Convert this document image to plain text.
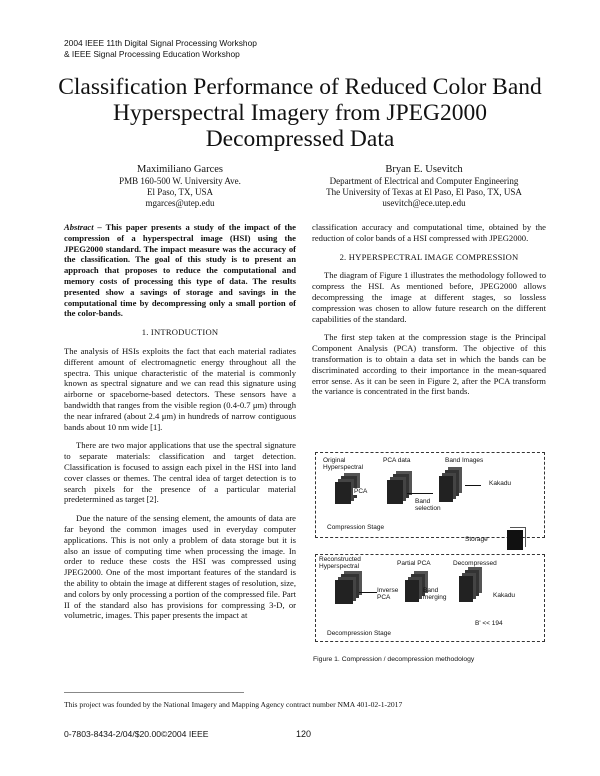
2004 IEEE 11th Digital Signal Processing Workshop
& IEEE Signal Processing Education Workshop
Classification Performance of Reduced Color Band
Hyperspectral Imagery from JPEG2000
Decompressed Data
Maximiliano Garces
PMB 160-500 W. University Ave.
El Paso, TX, USA
mgarces@utep.edu
Bryan E. Usevitch
Department of Electrical and Computer Engineering
The University of Texas at El Paso, El Paso, TX, USA
usevitch@ece.utep.edu

Abstract – This paper presents a study of the impact of the compression of a hyperspectral image (HSI) using the JPEG2000 standard. The impact measure was the accuracy of the classification. The goal of this study is to present an approach that proposes to reduce the computational and memory costs of processing this type of data. The results presented show a savings of storage and savings in the computational time by decompressing only a small portion of the color-bands.

1. INTRODUCTION

The analysis of HSIs exploits the fact that each material radiates different amount of electromagnetic energy throughout all the spectra. This unique characteristic of the material is commonly known as spectral signature and we can read this signature using airborne or spaceborne-based detectors. These sensors have a bandwidth that ranges from the visible region (0.4-0.7 μm) through the near infrared (about 2.4 μm) in hundreds of narrow contiguous bands about 10 nm wide [1].

There are two major applications that use the spectral signature to separate materials: classification and target detection. Classification is focused to assign each pixel in the HSI into land cover classes or themes. The central idea of target detection is to search pixels for the presence of a particular material predetermined as target [2].

Due the nature of the sensing element, the amounts of data are far beyond the common images used in everyday computer applications. This is not only a problem of data storage but it is also an issue of computing time when processing the image. In order to reduce these costs the HSI was compressed using JPEG2000. One of the most important features of the standard is the ability to obtain the image at different stages of resolution, size, and colors by only processing a portion of the compressed file. Part II of the standard also has provisions for compressing 3-D, or volumetric, images. This paper presents the impact at

classification accuracy and computational time, obtained by the reduction of color bands of a HSI compressed with JPEG2000.

2. HYPERSPECTRAL IMAGE COMPRESSION

The diagram of Figure 1 illustrates the methodology followed to compress the HSI. As mentioned before, JPEG2000 allows decompressing the image at different stages, so lossless compression was chosen to allow future research on the different capabilities of the standard.

The first step taken at the compression stage is the Principal Component Analysis (PCA) transform. The objective of this transformation is to obtain a data set in which the bands can be discriminated according to their importance in the mean-squared error sense. As it can be seen in Figure 2, after the PCA transform the variance is concentrated in the first bands.

Original
Hyperspectral
PCA data	Band Images
PCA
Band selection
Kakadu
Compression Stage
Storage
Reconstructed
Hyperspectral	Partial PCA	Decompressed
Inverse PCA
Band merging	Kakadu
B' << 194
Decompression Stage
Figure 1. Compression / decompression methodology
This project was founded by the National Imagery and Mapping Agency contract number NMA 401-02-1-2017
0-7803-8434-2/04/$20.00©2004 IEEE	120
